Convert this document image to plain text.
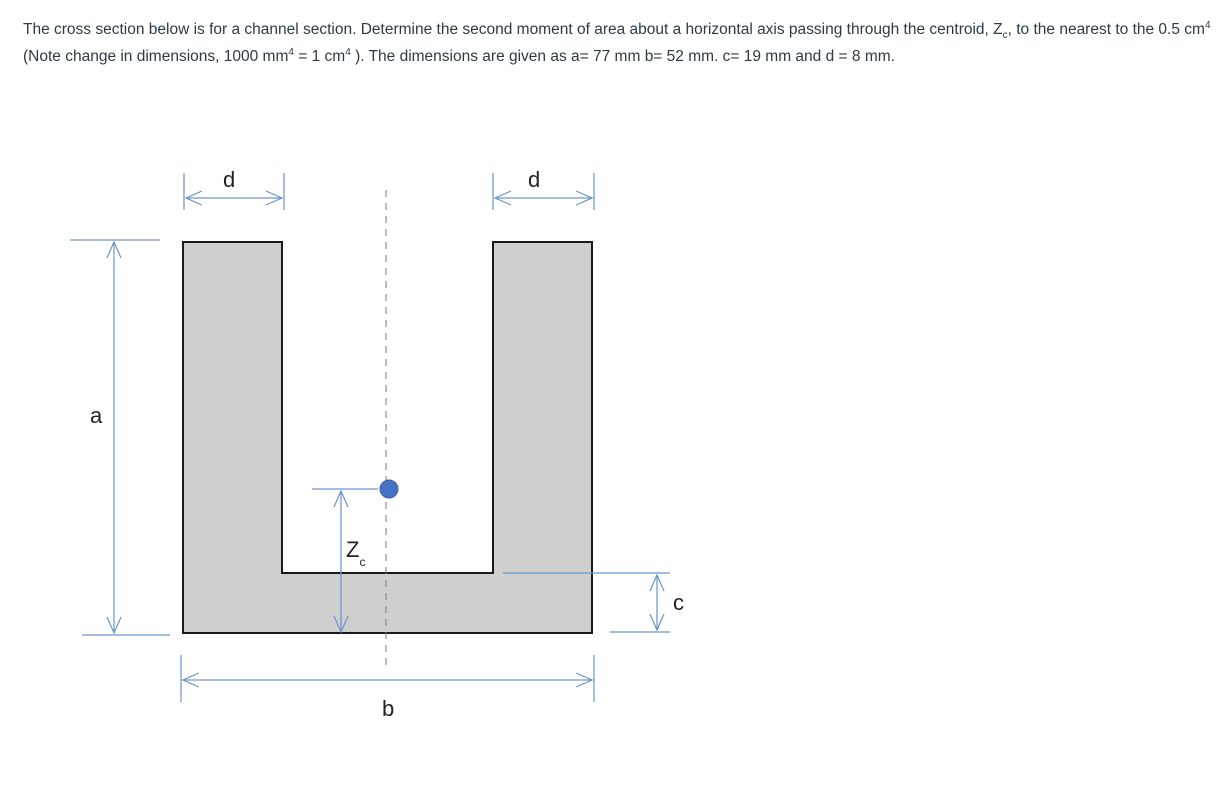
The cross section below is for a channel section. Determine the second moment of area about a horizontal axis passing through the centroid, $Z_c$, to the nearest to the 0.5 $cm^4$ (Note change in dimensions, 1000 $mm^4 = 1$ $cm^4$ ). The dimensions are given as a= 77 mm b= 52 mm. c= 19 mm and d = 8 mm.

a
d	d
$Z_c$
c
b
